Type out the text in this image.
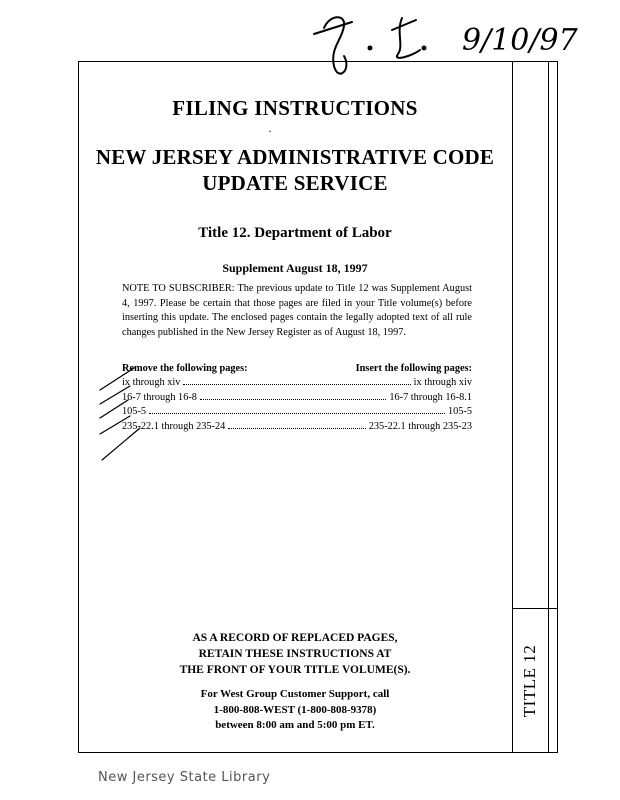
9/10/97
TITLE 12
FILING INSTRUCTIONS
·
NEW JERSEY ADMINISTRATIVE CODE
UPDATE SERVICE
Title 12. Department of Labor
Supplement August 18, 1997
NOTE TO SUBSCRIBER: The previous update to Title 12 was Supplement August 4, 1997. Please be certain that those pages are filed in your Title volume(s) before inserting this update. The enclosed pages contain the legally adopted text of all rule changes published in the New Jersey Register as of August 18, 1997.
Remove the following pages:	Insert the following pages:
ix through xiv	ix through xiv
16-7 through 16-8	16-7 through 16-8.1
105-5	105-5
235-22.1 through 235-24	235-22.1 through 235-23
AS A RECORD OF REPLACED PAGES,
RETAIN THESE INSTRUCTIONS AT
THE FRONT OF YOUR TITLE VOLUME(S).
For West Group Customer Support, call
1-800-808-WEST (1-800-808-9378)
between 8:00 am and 5:00 pm ET.
New Jersey State Library
